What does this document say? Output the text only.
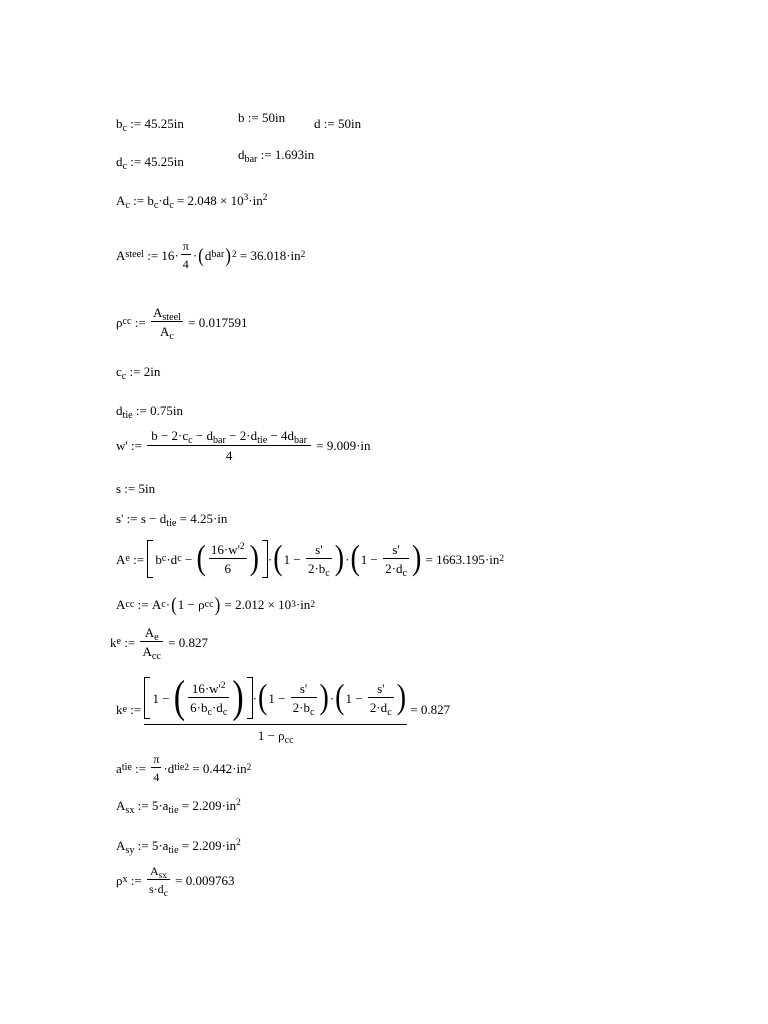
$b_c$ := 45.25in	b := 50in d := 50in
$d_c$ := 45.25in	$d_{bar}$ := 1.693in
$A_c$ := $b_c\cdot d_c = 2.048 \times 10^3\cdot in^2$
A steel := $16 \cdot \frac{\pi}{4}$ · ( d bar ) 2 = 36.018 ·in 2
ρ cc := $\frac{A_{steel}}{A_c} = 0.017591$
$c_c$ := 2in
$d_{tie}$ := 0.75in
w' := $\frac{b - 2\cdot c_c - d_{bar} - 2\cdot d_{tie} - 4d_{bar}}{4} = 9.009 \cdot in$
s := 5in
s' := $s - d_{tie} = 4.25\cdot in$
A e :=
b c ·d c − ( $\frac{16\cdot w'^2}{6}$ ) · ( $1 - \frac{s'}{2\cdot b_c}$ ) · ( $1 - \frac{s'}{2\cdot d_c}$ ) = 1663.195 ·in 2
A cc := A c · ( 1 − ρ cc ) = 2.012 × 10 3 ·in 2
k e := $\frac{A_e}{A_{cc}} = 0.827$
k e := $\frac{1 - ( \frac{16\cdot w'^2}{6\cdot b_c\cdot d_c} ) \cdot ( 1 - \frac{s'}{2\cdot b_c} ) \cdot ( 1 - \frac{s'}{2\cdot d_c} )}{1 - \rho_{cc}} = 0.827$
a tie := $\frac{\pi}{4} \cdot d$ tie 2 = 0.442 ·in 2
$A_{sx}$ := $5\cdot a_{tie} = 2.209\cdot in^2$
$A_{sy}$ := $5\cdot a_{tie} = 2.209\cdot in^2$
ρ x := $\frac{A_{sx}}{s\cdot d_c} = 0.009763$
